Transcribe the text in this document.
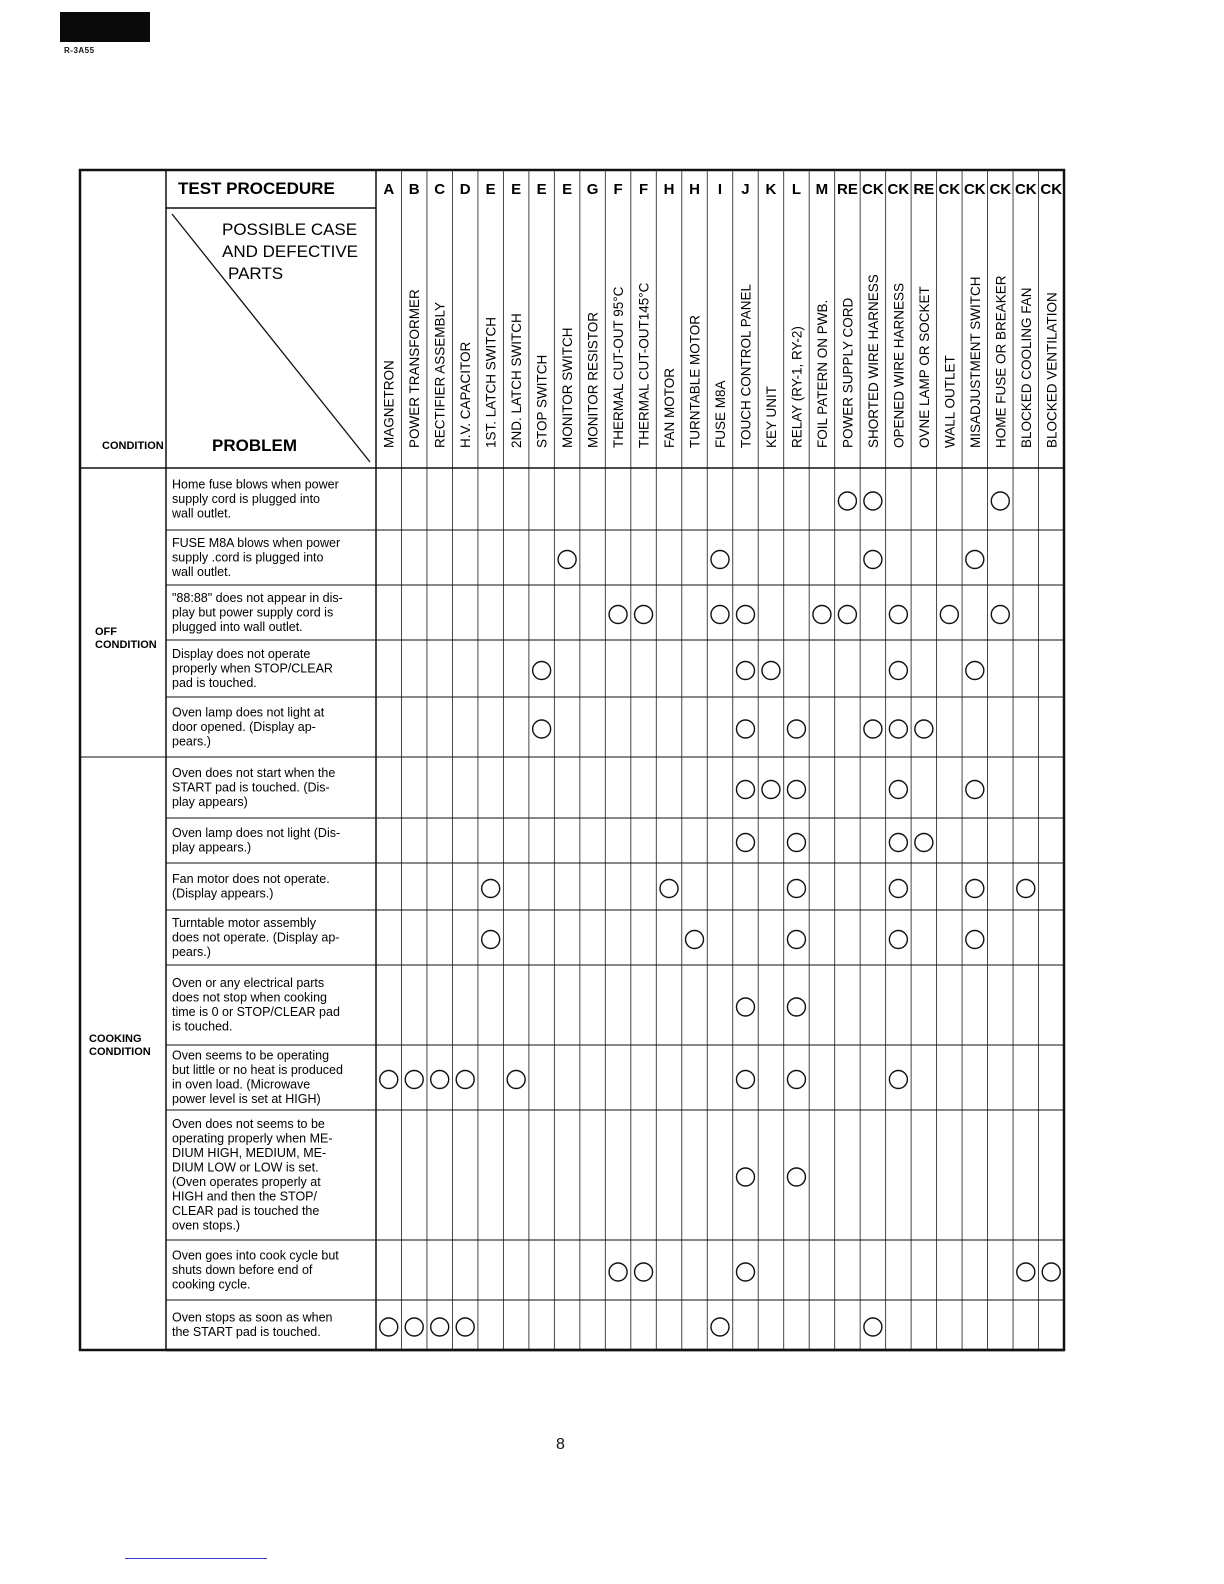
R-3A55
TEST PROCEDURE
POSSIBLE CASE
AND DEFECTIVE
PARTS
PROBLEM
CONDITION
A
MAGNETRON
B
POWER TRANSFORMER
C
RECTIFIER ASSEMBLY
D
H.V. CAPACITOR
E
1ST. LATCH SWITCH
E
2ND. LATCH SWITCH
E
STOP SWITCH
E
MONITOR SWITCH
G
MONITOR RESISTOR
F
THERMAL CUT-OUT 95°C
F
THERMAL CUT-OUT145°C
H
FAN MOTOR
H
TURNTABLE MOTOR
I
FUSE M8A
J
TOUCH CONTROL PANEL
K
KEY UNIT
L
RELAY (RY-1, RY-2)
M
FOIL PATERN ON PWB.
RE
POWER SUPPLY CORD
CK
SHORTED WIRE HARNESS
CK
OPENED WIRE HARNESS
RE
OVNE LAMP OR SOCKET
CK
WALL OUTLET
CK
MISADJUSTMENT SWITCH
CK
HOME FUSE OR BREAKER
CK
BLOCKED COOLING FAN
CK
BLOCKED VENTILATION
Home fuse blows when power
supply cord is plugged into
wall outlet.
FUSE M8A blows when power
supply .cord is plugged into
wall outlet.
"88:88" does not appear in dis-
play but power supply cord is
plugged into wall outlet.
Display does not operate
properly when STOP/CLEAR
pad is touched.
Oven lamp does not light at
door opened. (Display ap-
pears.)
Oven does not start when the
START pad is touched. (Dis-
play appears)
Oven lamp does not light (Dis-
play appears.)
Fan motor does not operate.
(Display appears.)
Turntable motor assembly
does not operate. (Display ap-
pears.)
Oven or any electrical parts
does not stop when cooking
time is 0 or STOP/CLEAR pad
is touched.
Oven seems to be operating
but little or no heat is produced
in oven load. (Microwave
power level is set at HIGH)
Oven does not seems to be
operating properly when ME-
DIUM HIGH, MEDIUM, ME-
DIUM LOW or LOW is set.
(Oven operates properly at
HIGH and then the STOP/
CLEAR pad is touched the
oven stops.)
Oven goes into cook cycle but
shuts down before end of
cooking cycle.
Oven stops as soon as when
the START pad is touched.
OFF
CONDITION
COOKING
CONDITION
8
